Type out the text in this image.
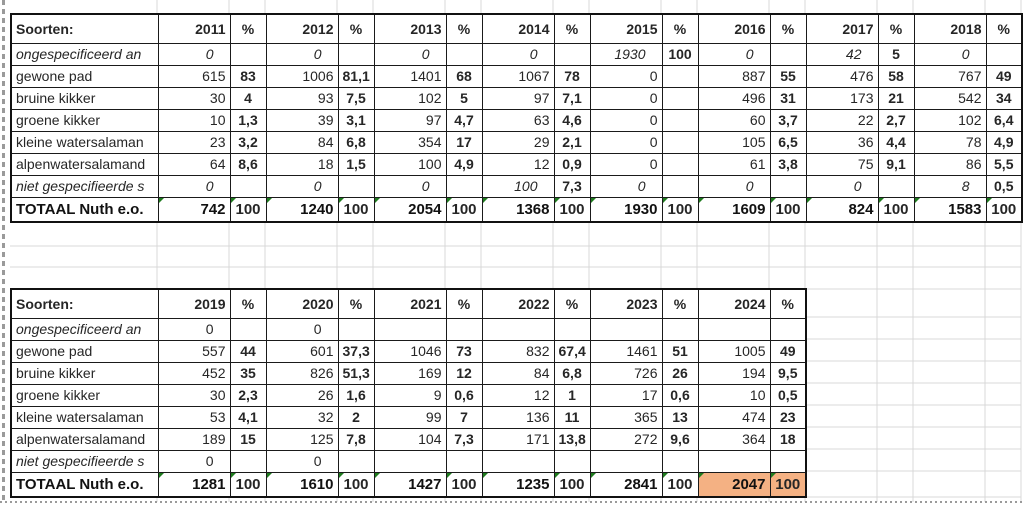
Soorten:	2011	%	2012	%	2013	%	2014	%	2015	%	2016	%	2017	%	2018	%
ongespecificeerd an	0		0		0		0		1930	100	0		42	5	0	
gewone pad	615	83	1006	81,1	1401	68	1067	78	0		887	55	476	58	767	49
bruine kikker	30	4	93	7,5	102	5	97	7,1	0		496	31	173	21	542	34
groene kikker	10	1,3	39	3,1	97	4,7	63	4,6	0		60	3,7	22	2,7	102	6,4
kleine watersalaman	23	3,2	84	6,8	354	17	29	2,1	0		105	6,5	36	4,4	78	4,9
alpenwatersalamand	64	8,6	18	1,5	100	4,9	12	0,9	0		61	3,8	75	9,1	86	5,5
niet gespecifieerde s	0		0		0		100	7,3	0		0		0		8	0,5
TOTAAL Nuth e.o.	742	100	1240	100	2054	100	1368	100	1930	100	1609	100	824	100	1583	100
Soorten:	2019	%	2020	%	2021	%	2022	%	2023	%	2024	%
ongespecificeerd an	0		0									
gewone pad	557	44	601	37,3	1046	73	832	67,4	1461	51	1005	49
bruine kikker	452	35	826	51,3	169	12	84	6,8	726	26	194	9,5
groene kikker	30	2,3	26	1,6	9	0,6	12	1	17	0,6	10	0,5
kleine watersalaman	53	4,1	32	2	99	7	136	11	365	13	474	23
alpenwatersalamand	189	15	125	7,8	104	7,3	171	13,8	272	9,6	364	18
niet gespecifieerde s	0		0									
TOTAAL Nuth e.o.	1281	100	1610	100	1427	100	1235	100	2841	100	2047	100
